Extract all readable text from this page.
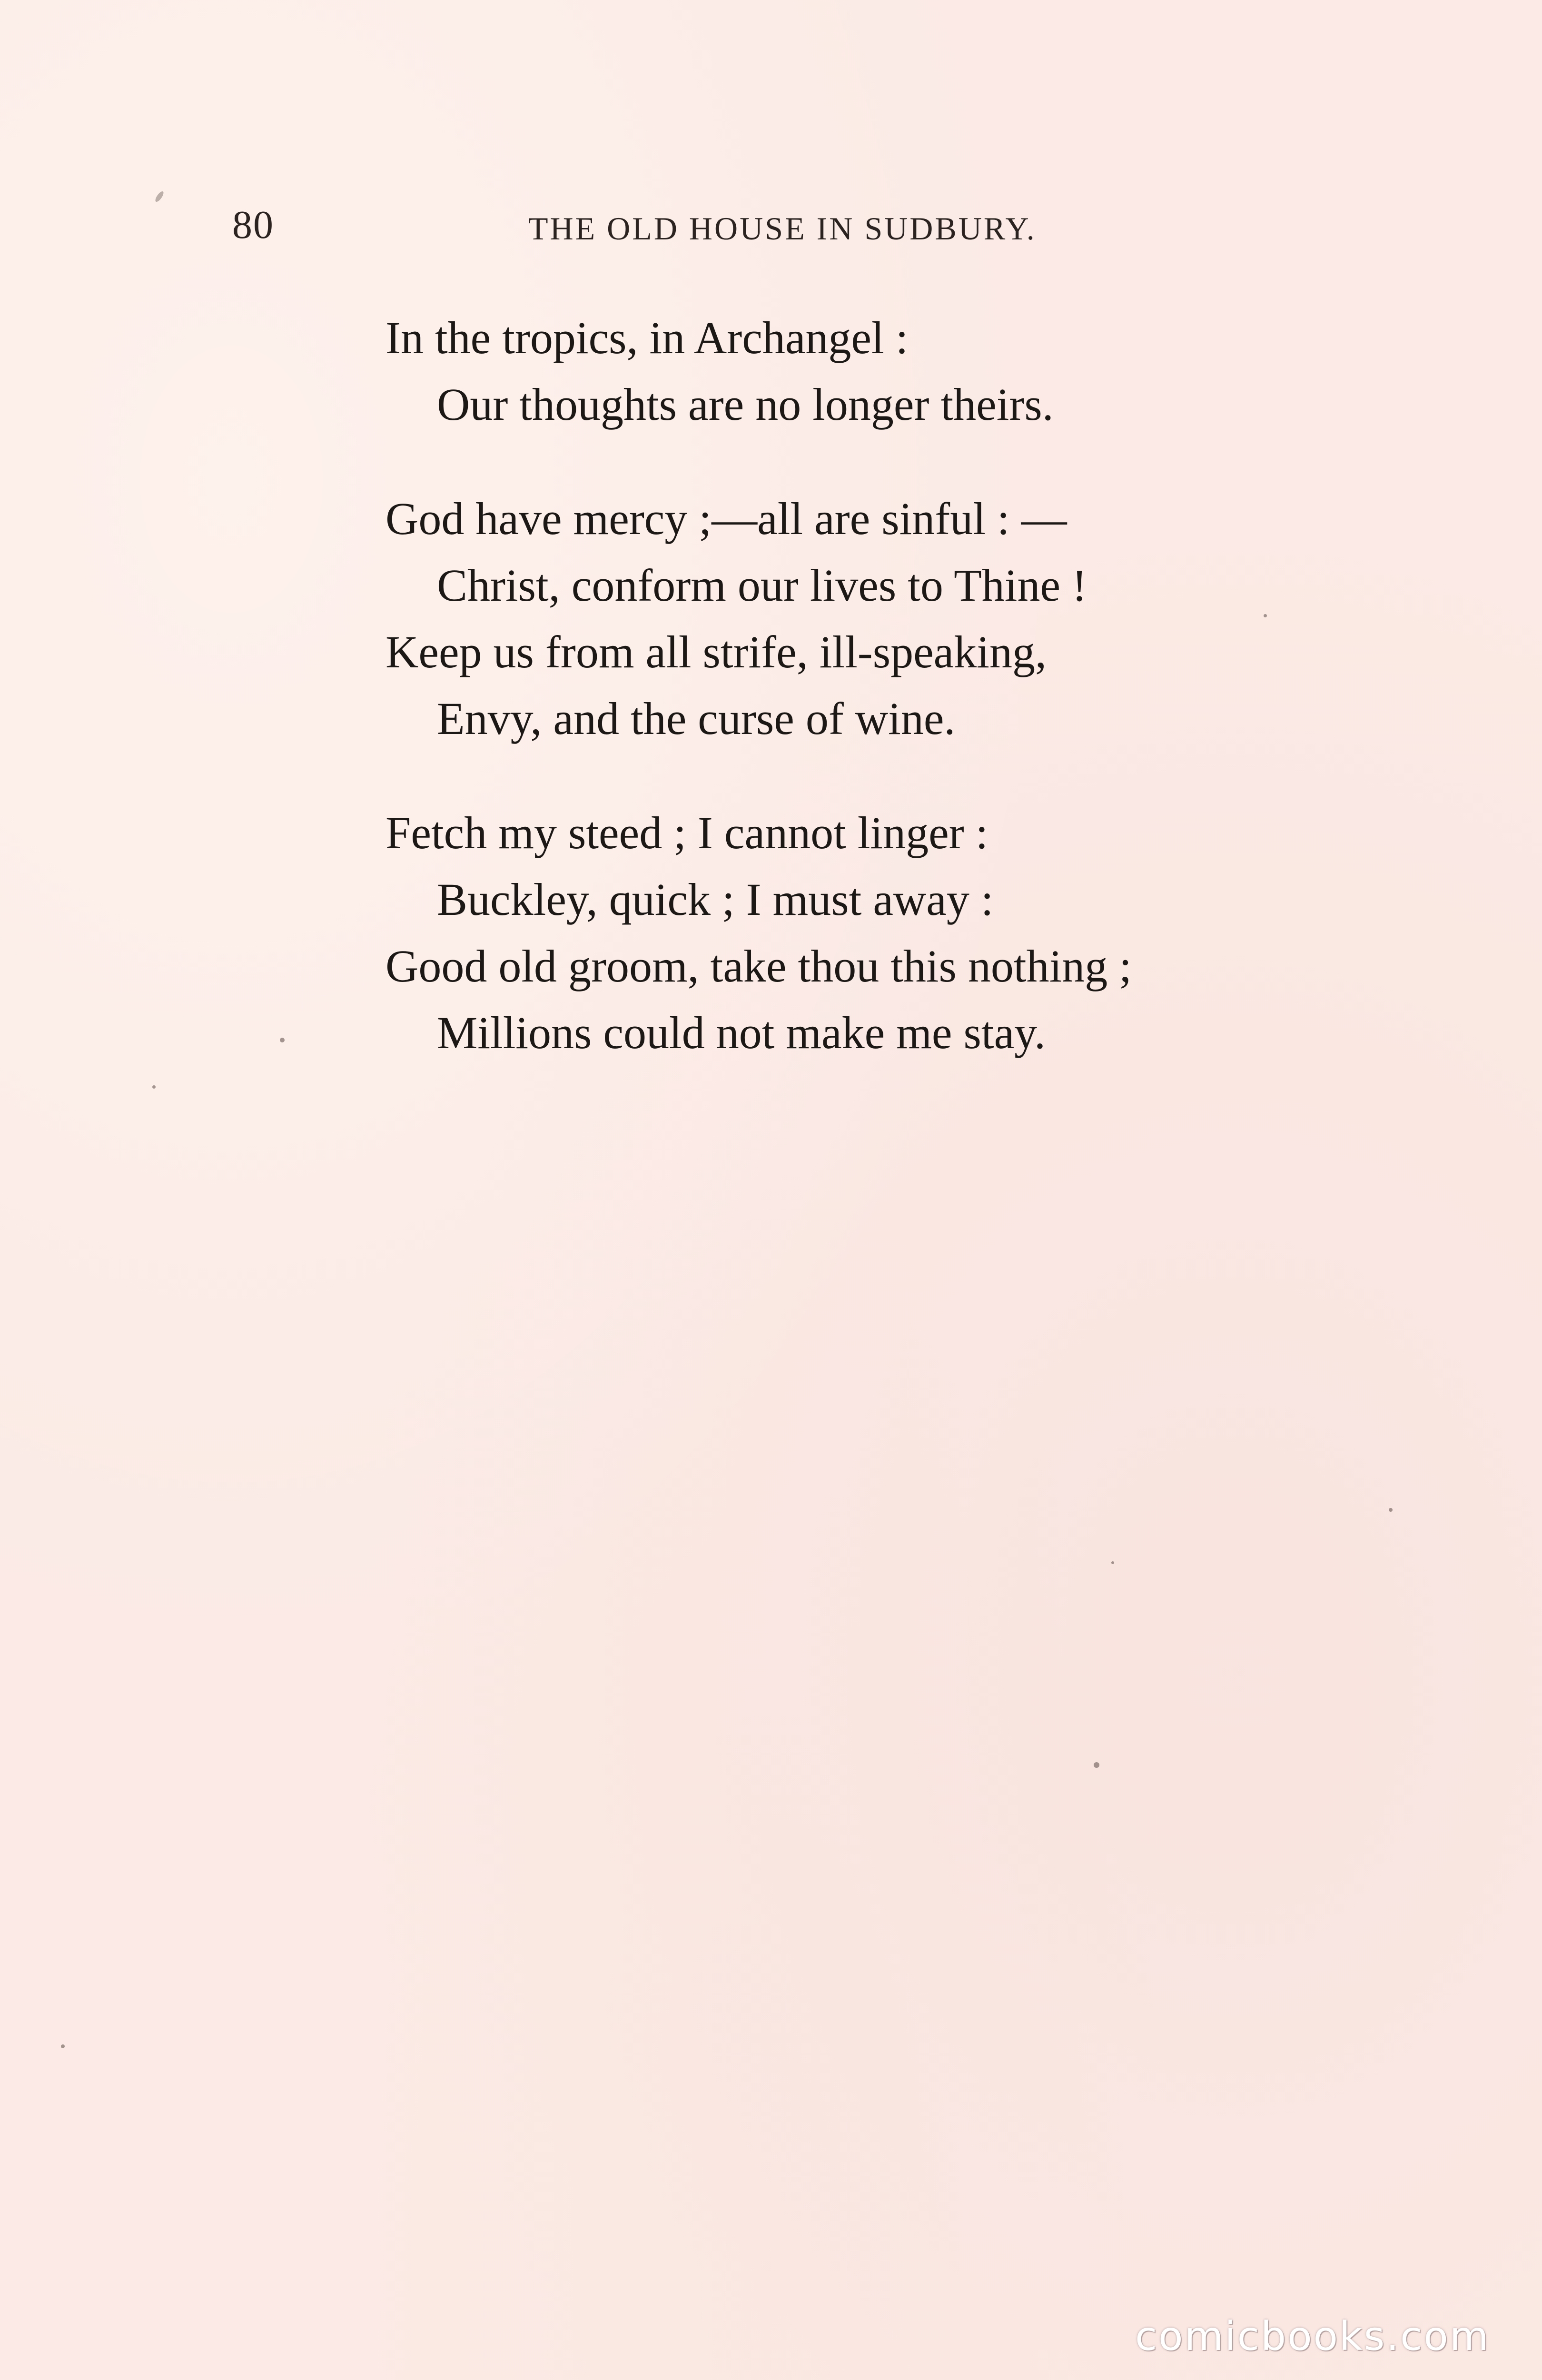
80	THE OLD HOUSE IN SUDBURY.
In the tropics, in Archangel :
Our thoughts are no longer theirs.
God have mercy ;—all are sinful : —
Christ, conform our lives to Thine !
Keep us from all strife, ill-speaking,
Envy, and the curse of wine.
Fetch my steed ; I cannot linger :
Buckley, quick ; I must away :
Good old groom, take thou this nothing ;
Millions could not make me stay.
comicbooks.com
